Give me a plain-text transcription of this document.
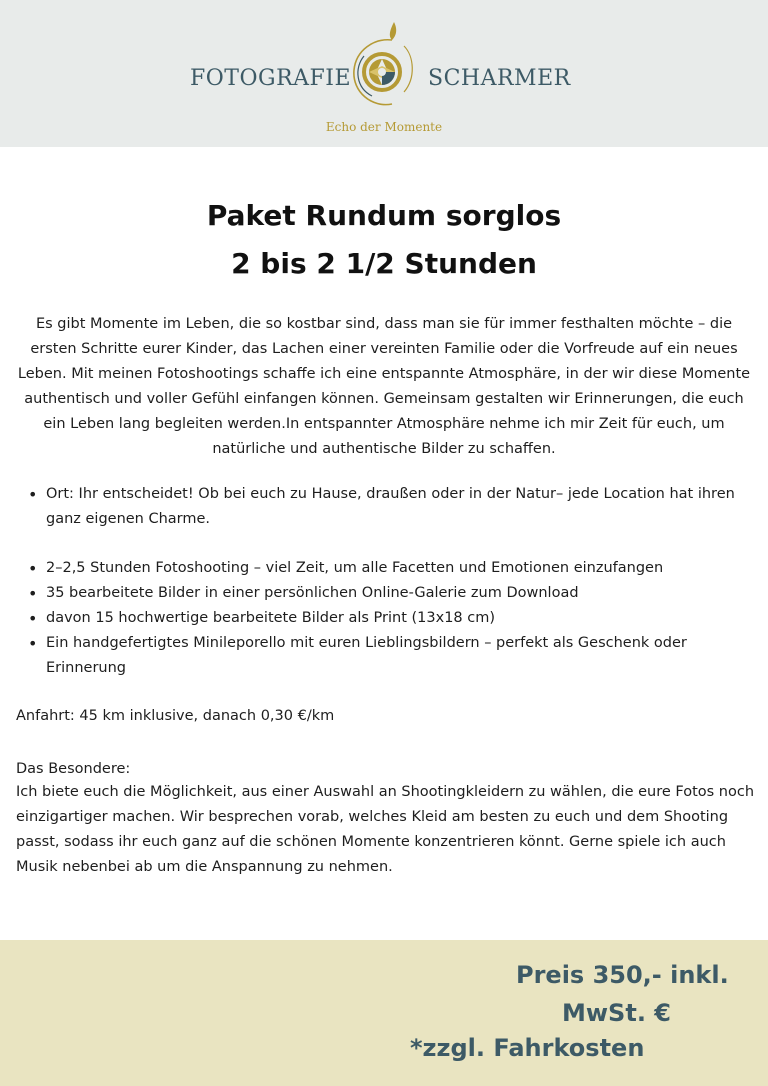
FOTOGRAFIE	SCHARMER
Echo der Momente
Paket Rundum sorglos
2 bis 2 1/2 Stunden

Es gibt Momente im Leben, die so kostbar sind, dass man sie für immer festhalten möchte – die ersten Schritte eurer Kinder, das Lachen einer vereinten Familie oder die Vorfreude auf ein neues Leben. Mit meinen Fotoshootings schaffe ich eine entspannte Atmosphäre, in der wir diese Momente authentisch und voller Gefühl einfangen können. Gemeinsam gestalten wir Erinnerungen, die euch ein Leben lang begleiten werden.In entspannter Atmosphäre nehme ich mir Zeit für euch, um natürliche und authentische Bilder zu schaffen.

• Ort: Ihr entscheidet! Ob bei euch zu Hause, draußen oder in der Natur– jede Location hat ihren ganz eigenen Charme.
• 2–2,5 Stunden Fotoshooting – viel Zeit, um alle Facetten und Emotionen einzufangen
• 35 bearbeitete Bilder in einer persönlichen Online-Galerie zum Download
• davon 15 hochwertige bearbeitete Bilder als Print (13x18 cm)
• Ein handgefertigtes Minileporello mit euren Lieblingsbildern – perfekt als Geschenk oder Erinnerung

Anfahrt: 45 km inklusive, danach 0,30 €/km

Das Besondere:

Ich biete euch die Möglichkeit, aus einer Auswahl an Shootingkleidern zu wählen, die eure Fotos noch einzigartiger machen. Wir besprechen vorab, welches Kleid am besten zu euch und dem Shooting passt, sodass ihr euch ganz auf die schönen Momente konzentrieren könnt. Gerne spiele ich auch Musik nebenbei ab um die Anspannung zu nehmen.

Preis 350,- inkl.
MwSt. €
*zzgl. Fahrkosten
